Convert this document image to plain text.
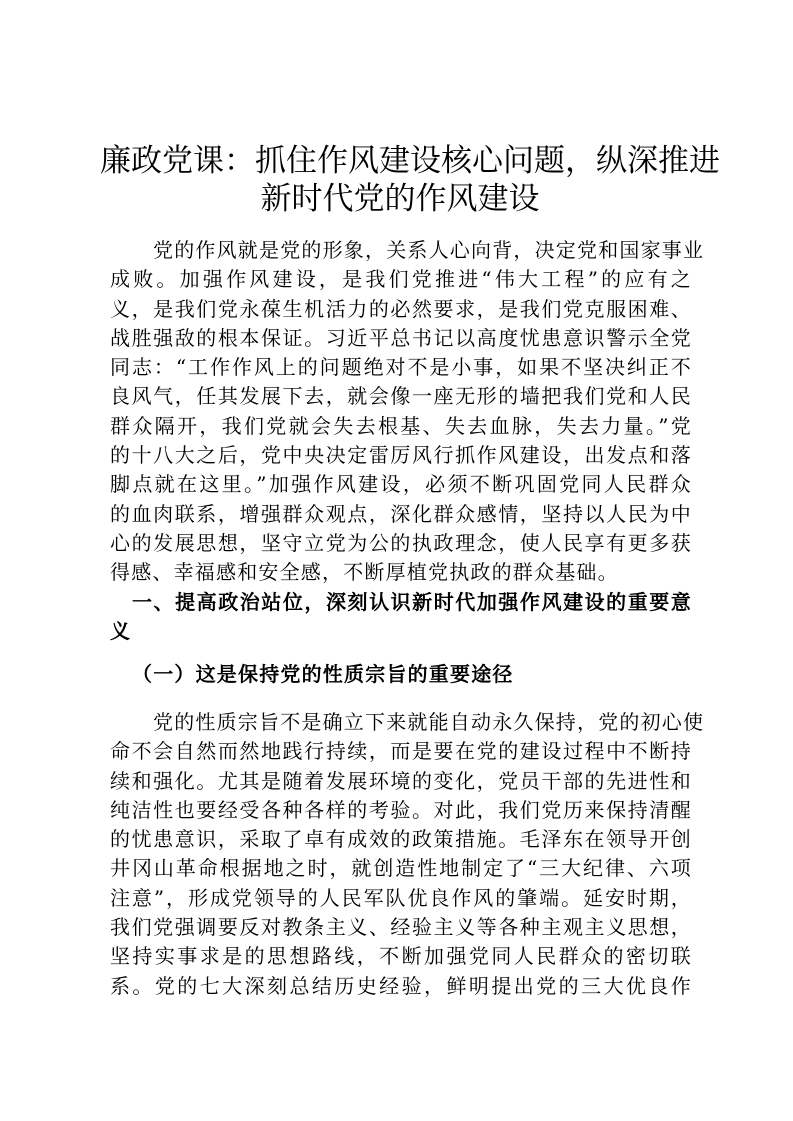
廉政党课：抓住作风建设核心问题，纵深推进
新时代党的作风建设

党的作风就是党的形象，关系人心向背，决定党和国家事业
成败。加强作风建设，是我们党推进“伟大工程”的应有之
义，是我们党永葆生机活力的必然要求，是我们党克服困难、
战胜强敌的根本保证。习近平总书记以高度忧患意识警示全党
同志：“工作作风上的问题绝对不是小事，如果不坚决纠正不
良风气，任其发展下去，就会像一座无形的墙把我们党和人民
群众隔开，我们党就会失去根基、失去血脉，失去力量。”党
的十八大之后，党中央决定雷厉风行抓作风建设，出发点和落
脚点就在这里。”加强作风建设，必须不断巩固党同人民群众
的血肉联系，增强群众观点，深化群众感情，坚持以人民为中
心的发展思想，坚守立党为公的执政理念，使人民享有更多获
得感、幸福感和安全感，不断厚植党执政的群众基础。

一、提高政治站位，深刻认识新时代加强作风建设的重要意
义
（一）这是保持党的性质宗旨的重要途径

党的性质宗旨不是确立下来就能自动永久保持，党的初心使
命不会自然而然地践行持续，而是要在党的建设过程中不断持
续和强化。尤其是随着发展环境的变化，党员干部的先进性和
纯洁性也要经受各种各样的考验。对此，我们党历来保持清醒
的忧患意识，采取了卓有成效的政策措施。毛泽东在领导开创
井冈山革命根据地之时，就创造性地制定了“三大纪律、六项
注意”，形成党领导的人民军队优良作风的肇端。延安时期，
我们党强调要反对教条主义、经验主义等各种主观主义思想，
坚持实事求是的思想路线，不断加强党同人民群众的密切联
系。党的七大深刻总结历史经验，鲜明提出党的三大优良作
